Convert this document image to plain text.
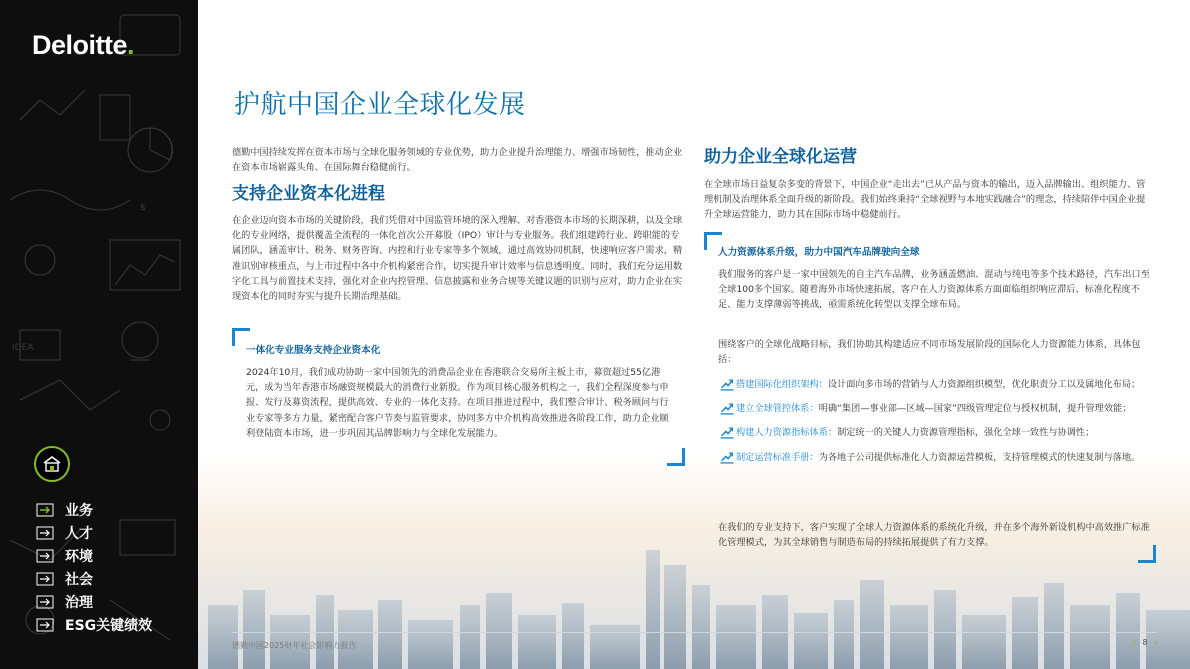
IDEA
$
Deloitte.
业务
人才
环境
社会
治理
ESG关键绩效
护航中国企业全球化发展

德勤中国持续发挥在资本市场与全球化服务领域的专业优势，助力企业提升治理能力、增强市场韧性，推动企业在资本市场崭露头角、在国际舞台稳健前行。

支持企业资本化进程

在企业迈向资本市场的关键阶段，我们凭借对中国监管环境的深入理解、对香港资本市场的长期深耕，以及全球化的专业网络，提供覆盖全流程的一体化首次公开募股（IPO）审计与专业服务。我们组建跨行业、跨职能的专属团队，涵盖审计、税务、财务咨询、内控和行业专家等多个领域，通过高效协同机制，快速响应客户需求，精准识别审核重点，与上市过程中各中介机构紧密合作，切实提升审计效率与信息透明度。同时，我们充分运用数字化工具与前置技术支持，强化对企业内控管理、信息披露和业务合规等关键议题的识别与应对，助力企业在实现资本化的同时夯实与提升长期治理基础。

一体化专业服务支持企业资本化

2024年10月，我们成功协助一家中国领先的消费品企业在香港联合交易所主板上市，募资超过55亿港元，成为当年香港市场融资规模最大的消费行业新股。作为项目核心服务机构之一，我们全程深度参与申报、发行及募资流程，提供高效、专业的一体化支持。在项目推进过程中，我们整合审计、税务顾问与行业专家等多方力量，紧密配合客户节奏与监管要求，协同多方中介机构高效推进各阶段工作，助力企业顺利登陆资本市场，进一步巩固其品牌影响力与全球化发展能力。

助力企业全球化运营

在全球市场日益复杂多变的背景下，中国企业“走出去”已从产品与资本的输出，迈入品牌输出、组织能力、管理机制及治理体系全面升级的新阶段。我们始终秉持“全球视野与本地实践融合”的理念，持续陪伴中国企业提升全球运营能力，助力其在国际市场中稳健前行。

人力资源体系升级，助力中国汽车品牌驶向全球

我们服务的客户是一家中国领先的自主汽车品牌，业务涵盖燃油、混动与纯电等多个技术路径，汽车出口至全球100多个国家。随着海外市场快速拓展，客户在人力资源体系方面面临组织响应滞后、标准化程度不足、能力支撑薄弱等挑战，亟需系统化转型以支撑全球布局。

围绕客户的全球化战略目标，我们协助其构建适应不同市场发展阶段的国际化人力资源能力体系，具体包括：

搭建国际化组织架构：设计面向多市场的营销与人力资源组织模型，优化职责分工以及属地化布局；
建立全球管控体系：明确“集团—事业部—区域—国家”四级管理定位与授权机制，提升管理效能；
构建人力资源指标体系：制定统一的关键人力资源管理指标，强化全球一致性与协调性；
制定运营标准手册：为各地子公司提供标准化人力资源运营模板，支持管理模式的快速复制与落地。

在我们的专业支持下，客户实现了全球人力资源体系的系统化升级，并在多个海外新设机构中高效推广标准化管理模式，为其全球销售与制造布局的持续拓展提供了有力支撑。

德勤中国2025财年社会影响力报告	‹ 8 ›
